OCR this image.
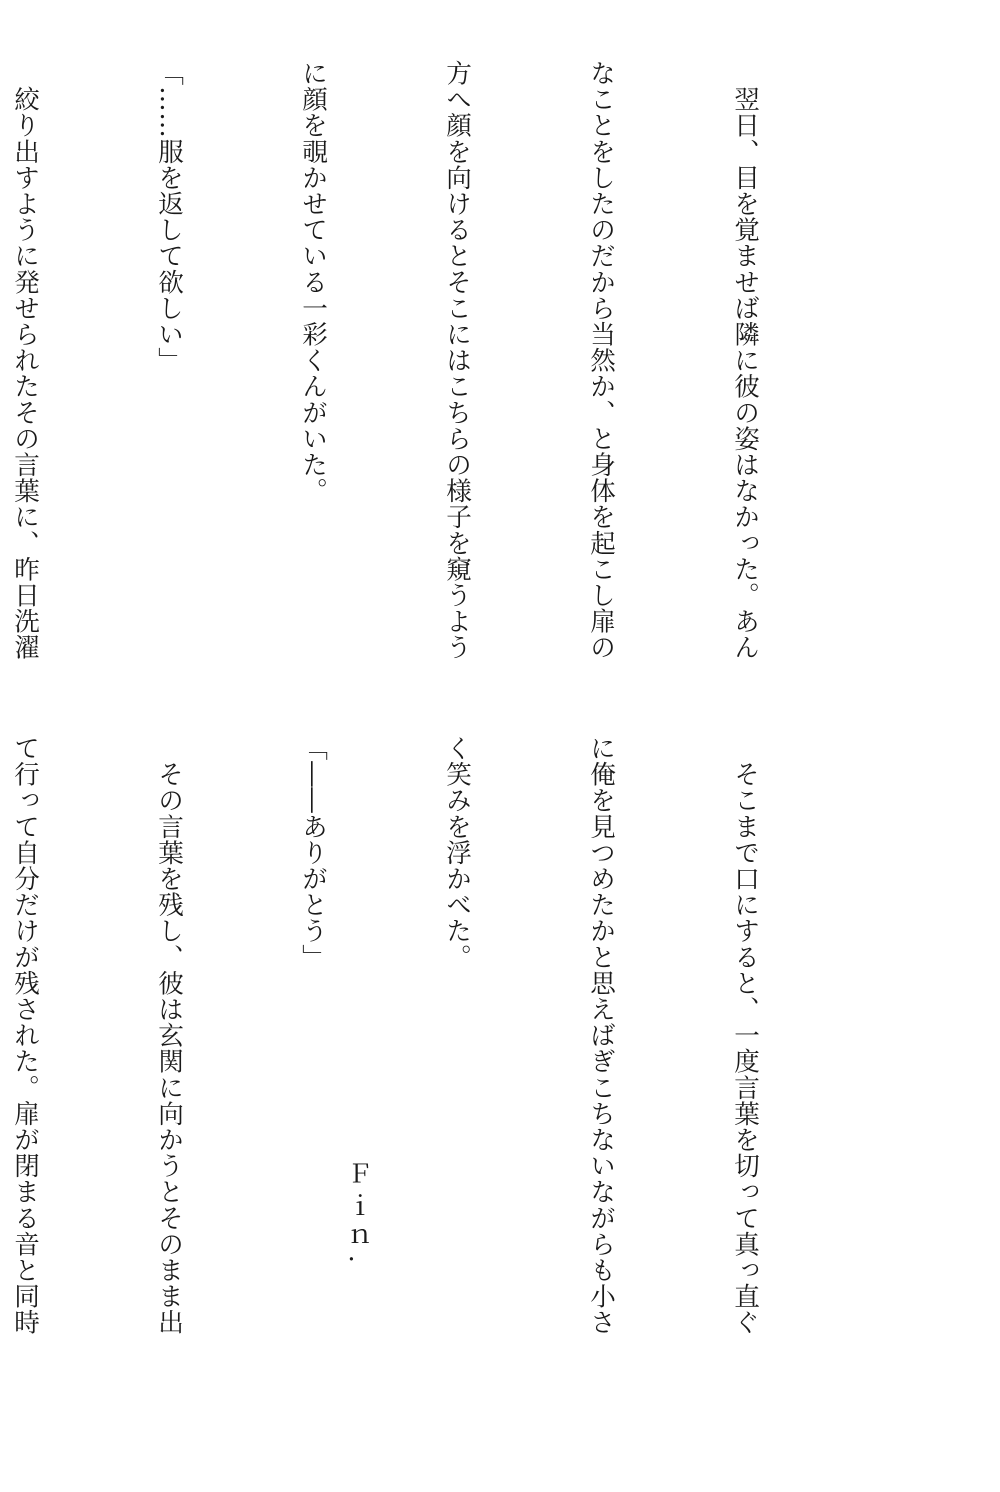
　翌日、目を覚ませば隣に彼の姿はなかった。あん

なことをしたのだから当然か、と身体を起こし扉の

方へ顔を向けるとそこにはこちらの様子を窺うよう

に顔を覗かせている一彩くんがいた。

「……服を返して欲しい」

　絞り出すように発せられたその言葉に、昨日洗濯

　そこまで口にすると、一度言葉を切って真っ直ぐ

に俺を見つめたかと思えばぎこちないながらも小さ

く笑みを浮かべた。

「――ありがとう」

　その言葉を残し、彼は玄関に向かうとそのまま出

て行って自分だけが残された。扉が閉まる音と同時

	Ｆｉｎ.
